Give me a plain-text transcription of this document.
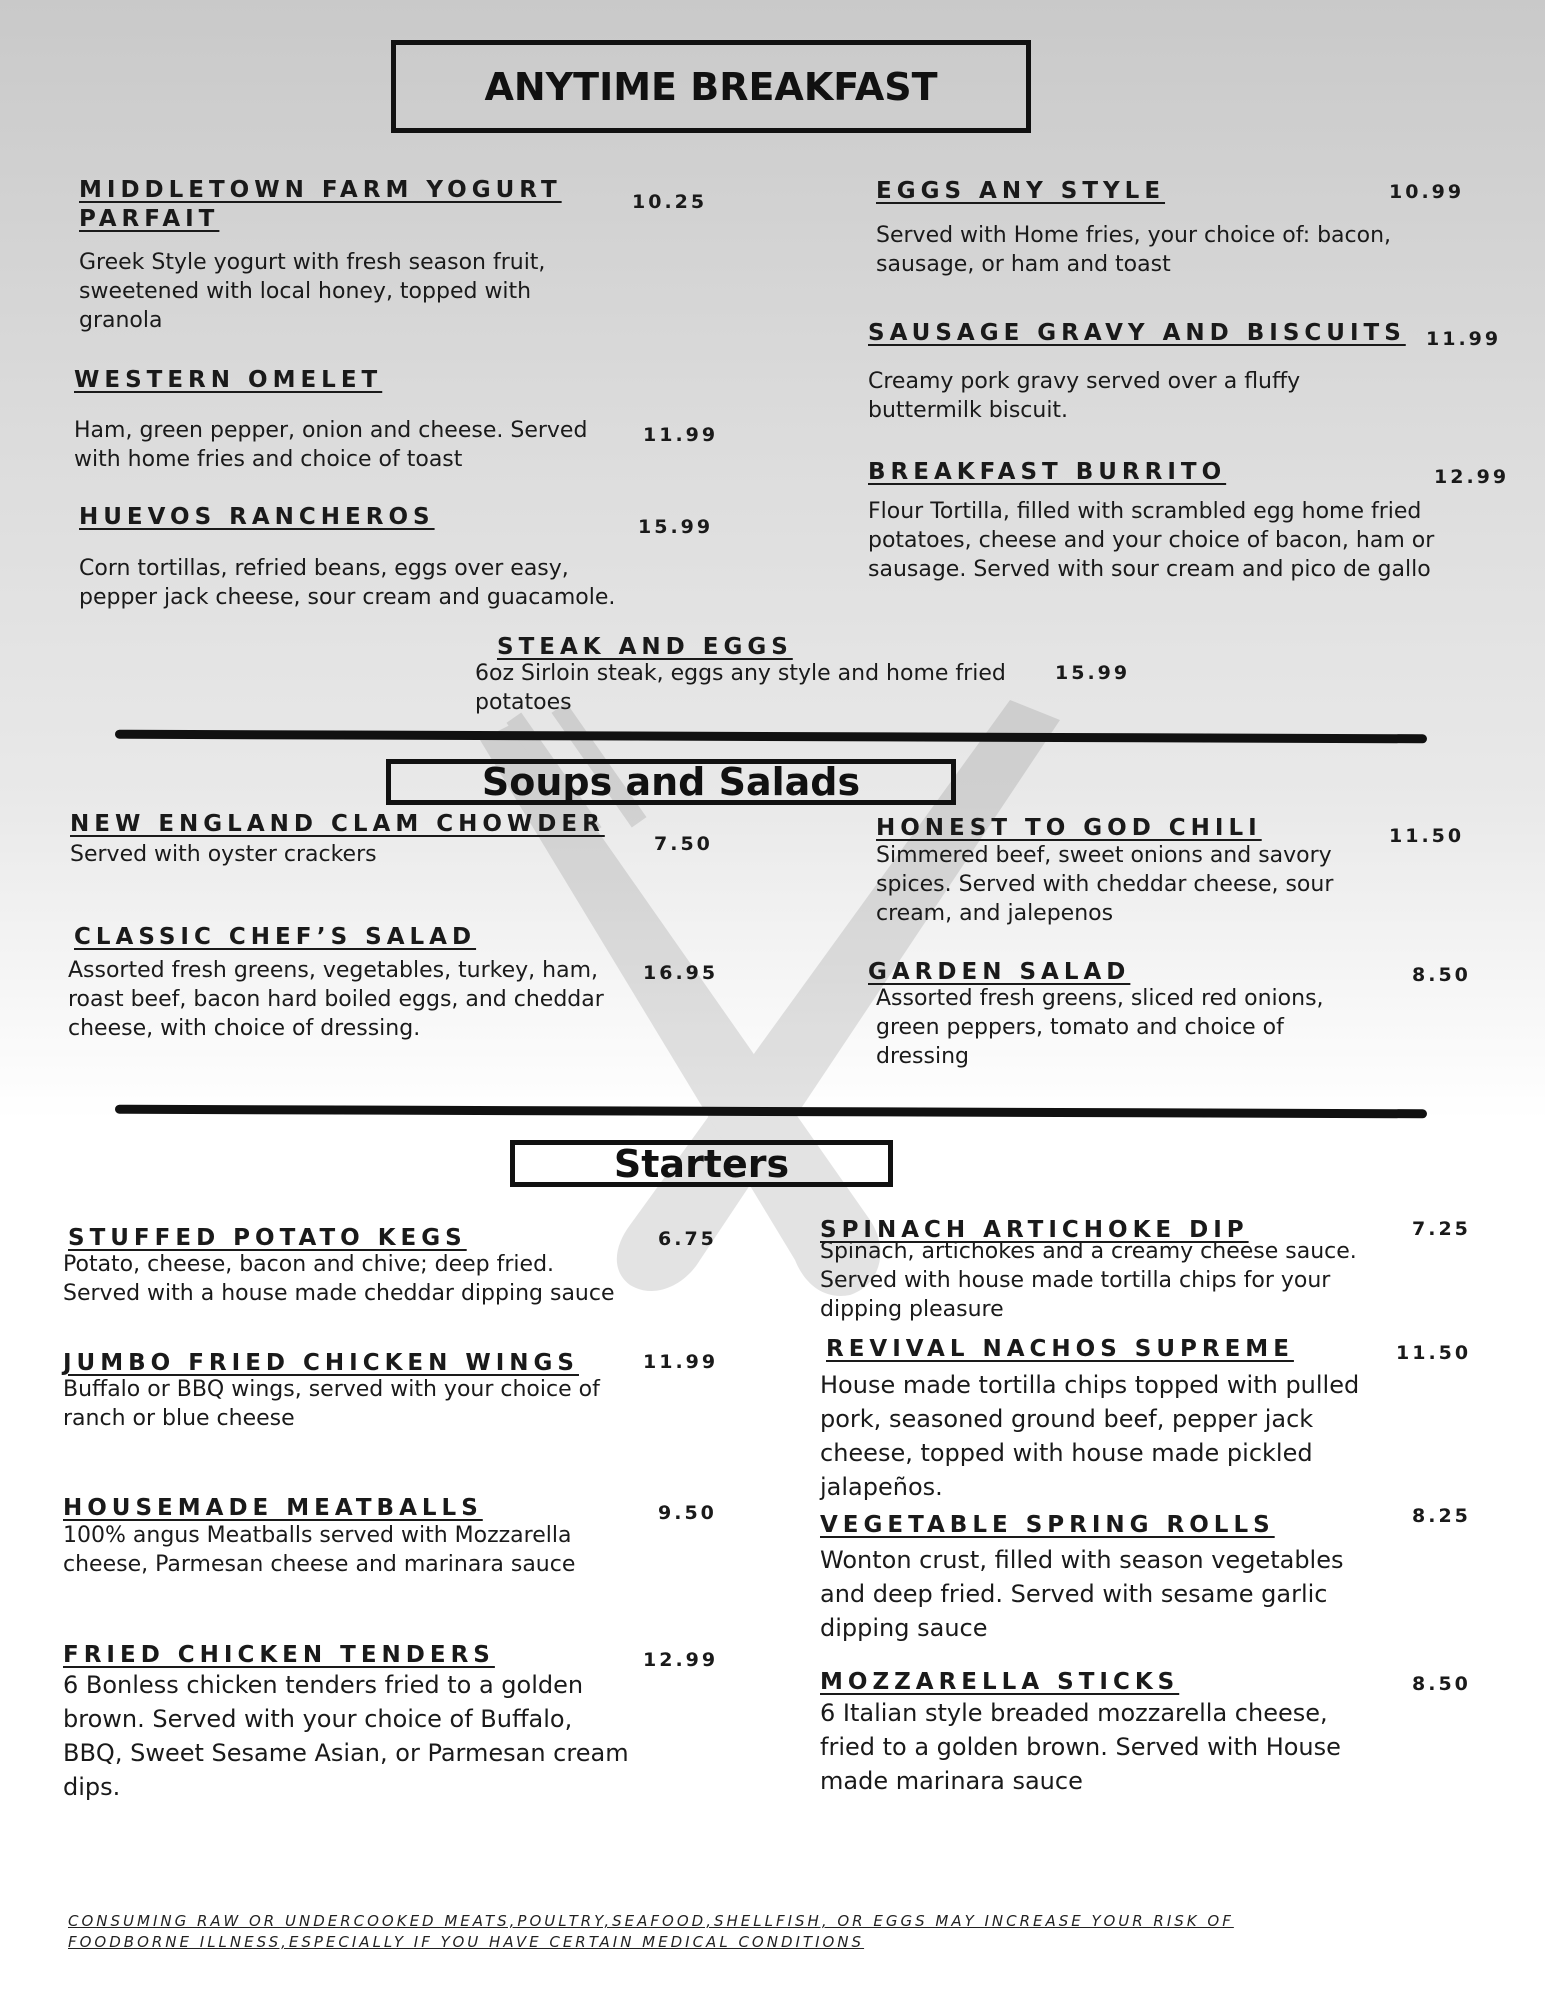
ANYTIME BREAKFAST
MIDDLETOWN FARM YOGURT
PARFAIT
10.25
Greek Style yogurt with fresh season fruit, sweetened with local honey, topped with granola
WESTERN OMELET
11.99
Ham, green pepper, onion and cheese. Served with home fries and choice of toast
HUEVOS RANCHEROS	15.99
Corn tortillas, refried beans, eggs over easy, pepper jack cheese, sour cream and guacamole.
EGGS ANY STYLE	10.99
Served with Home fries, your choice of: bacon, sausage, or ham and toast
SAUSAGE GRAVY AND BISCUITS 11.99
Creamy pork gravy served over a fluffy buttermilk biscuit.
BREAKFAST BURRITO	12.99
Flour Tortilla, filled with scrambled egg home fried potatoes, cheese and your choice of bacon, ham or sausage. Served with sour cream and pico de gallo
STEAK AND EGGS
15.99
6oz Sirloin steak, eggs any style and home fried potatoes
Soups and Salads
NEW ENGLAND CLAM CHOWDER
7.50
Served with oyster crackers
CLASSIC CHEF’S SALAD
16.95
Assorted fresh greens, vegetables, turkey, ham, roast beef, bacon hard boiled eggs, and cheddar cheese, with choice of dressing.
HONEST TO GOD CHILI	11.50
Simmered beef, sweet onions and savory spices. Served with cheddar cheese, sour cream, and jalepenos
GARDEN SALAD	8.50
Assorted fresh greens, sliced red onions, green peppers, tomato and choice of dressing
Starters
STUFFED POTATO KEGS	6.75
Potato, cheese, bacon and chive; deep fried. Served with a house made cheddar dipping sauce
JUMBO FRIED CHICKEN WINGS	11.99
Buffalo or BBQ wings, served with your choice of ranch or blue cheese
HOUSEMADE MEATBALLS	9.50
100% angus Meatballs served with Mozzarella cheese, Parmesan cheese and marinara sauce
FRIED CHICKEN TENDERS	12.99
6 Bonless chicken tenders fried to a golden brown. Served with your choice of Buffalo, BBQ, Sweet Sesame Asian, or Parmesan cream dips.
SPINACH ARTICHOKE DIP	7.25
Spinach, artichokes and a creamy cheese sauce. Served with house made tortilla chips for your dipping pleasure
REVIVAL NACHOS SUPREME	11.50
House made tortilla chips topped with pulled pork, seasoned ground beef, pepper jack cheese, topped with house made pickled jalapeños.
VEGETABLE SPRING ROLLS	8.25
Wonton crust, filled with season vegetables and deep fried. Served with sesame garlic dipping sauce
MOZZARELLA STICKS	8.50
6 Italian style breaded mozzarella cheese, fried to a golden brown. Served with House made marinara sauce
CONSUMING RAW OR UNDERCOOKED MEATS,POULTRY,SEAFOOD,SHELLFISH, OR EGGS MAY INCREASE YOUR RISK OF FOODBORNE ILLNESS,ESPECIALLY IF YOU HAVE CERTAIN MEDICAL CONDITIONS
